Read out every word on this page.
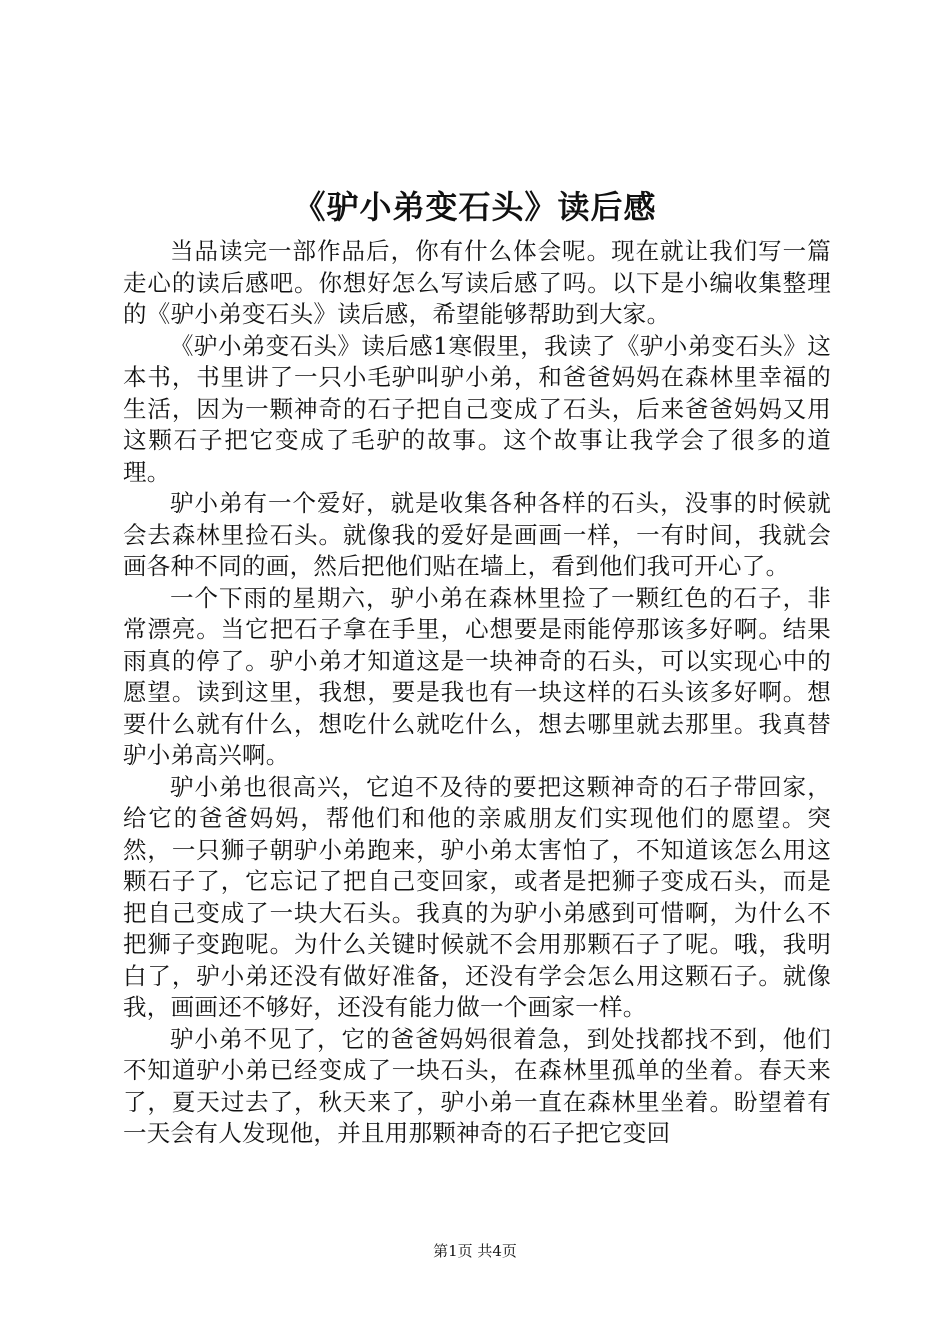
《驴小弟变石头》读后感

当品读完一部作品后，你有什么体会呢。现在就让我们写一篇走心的读后感吧。你想好怎么写读后感了吗。以下是小编收集整理的《驴小弟变石头》读后感，希望能够帮助到大家。

《驴小弟变石头》读后感1寒假里，我读了《驴小弟变石头》这本书，书里讲了一只小毛驴叫驴小弟，和爸爸妈妈在森林里幸福的生活，因为一颗神奇的石子把自己变成了石头，后来爸爸妈妈又用这颗石子把它变成了毛驴的故事。这个故事让我学会了很多的道理。

驴小弟有一个爱好，就是收集各种各样的石头，没事的时候就会去森林里捡石头。就像我的爱好是画画一样，一有时间，我就会画各种不同的画，然后把他们贴在墙上，看到他们我可开心了。

一个下雨的星期六，驴小弟在森林里捡了一颗红色的石子，非常漂亮。当它把石子拿在手里，心想要是雨能停那该多好啊。结果雨真的停了。驴小弟才知道这是一块神奇的石头，可以实现心中的愿望。读到这里，我想，要是我也有一块这样的石头该多好啊。想要什么就有什么，想吃什么就吃什么，想去哪里就去那里。我真替驴小弟高兴啊。

驴小弟也很高兴，它迫不及待的要把这颗神奇的石子带回家，给它的爸爸妈妈，帮他们和他的亲戚朋友们实现他们的愿望。突然，一只狮子朝驴小弟跑来，驴小弟太害怕了，不知道该怎么用这颗石子了，它忘记了把自己变回家，或者是把狮子变成石头，而是把自己变成了一块大石头。我真的为驴小弟感到可惜啊，为什么不把狮子变跑呢。为什么关键时候就不会用那颗石子了呢。哦，我明白了，驴小弟还没有做好准备，还没有学会怎么用这颗石子。就像我，画画还不够好，还没有能力做一个画家一样。

驴小弟不见了，它的爸爸妈妈很着急，到处找都找不到，他们不知道驴小弟已经变成了一块石头，在森林里孤单的坐着。春天来了，夏天过去了，秋天来了，驴小弟一直在森林里坐着。盼望着有一天会有人发现他，并且用那颗神奇的石子把它变回

第1页 共4页
